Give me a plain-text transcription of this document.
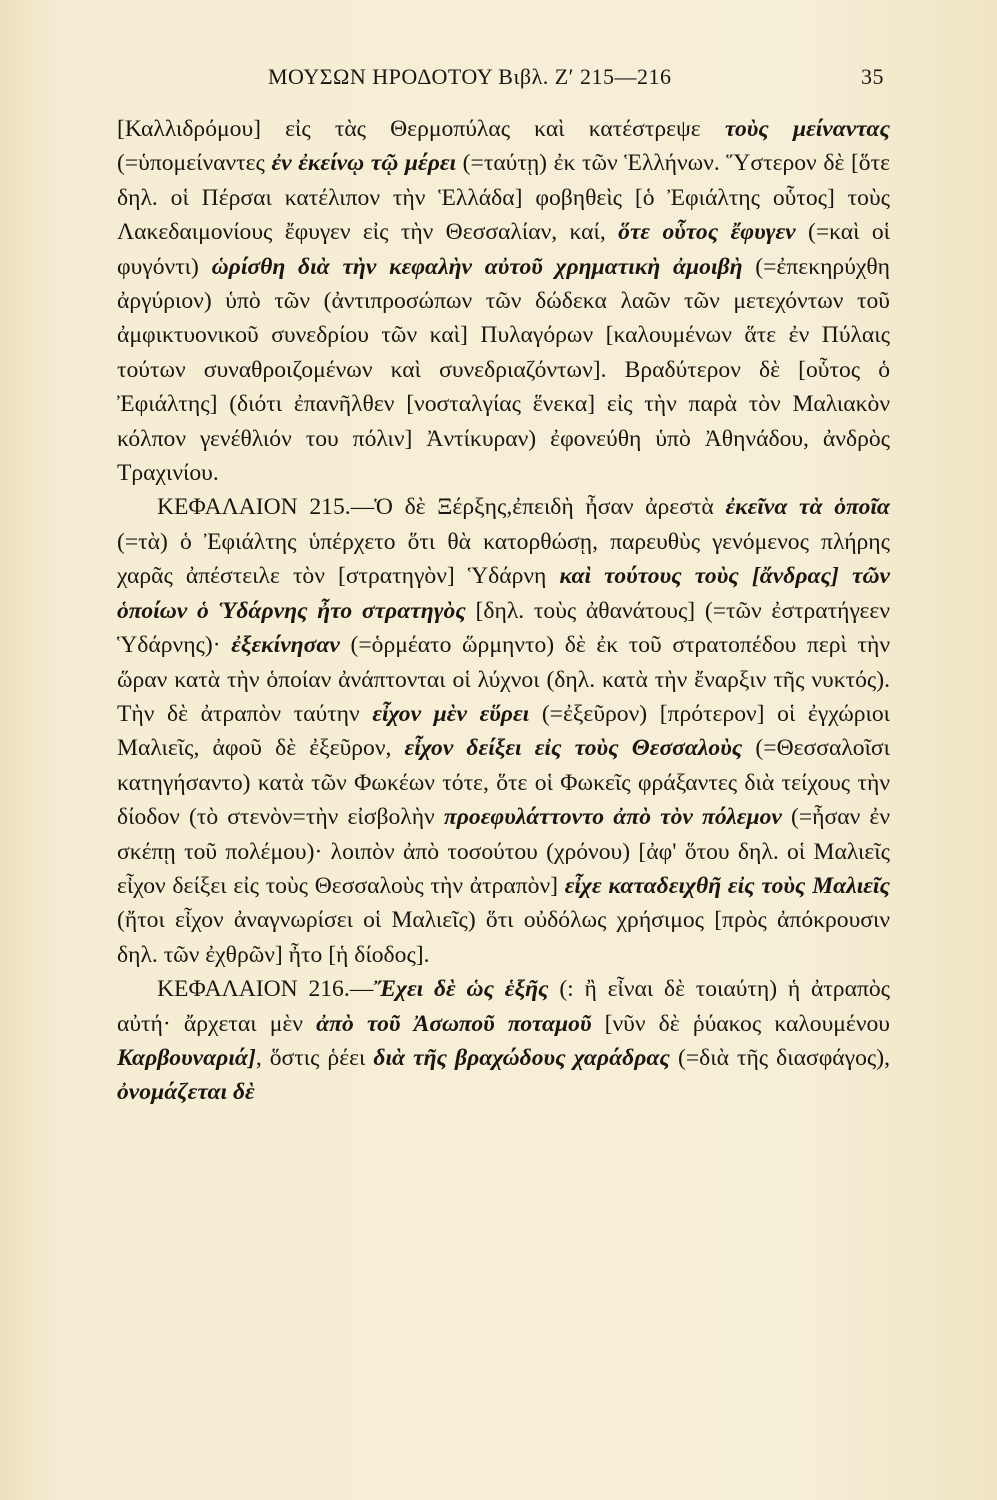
ΜΟΥΣΩΝ ΗΡΟΔΟΤΟΥ Βιβλ. Ζ′ 215—216	35

[Καλλιδρόμου] εἰς τὰς Θερμοπύλας καὶ κατέστρεψε τοὺς μείναντας (=ὑπομείναντες ἐν ἐκείνῳ τῷ μέρει (=ταύτῃ) ἐκ τῶν Ἑλλήνων. Ὕστερον δὲ [ὅτε δηλ. οἱ Πέρσαι κατέλιπον τὴν Ἑλλάδα] φοβηθεὶς [ὁ Ἐφιάλτης οὗτος] τοὺς Λακεδαιμονίους ἔφυγεν εἰς τὴν Θεσσαλίαν, καί, ὅτε οὗτος ἔφυγεν (=καὶ οἱ φυγόντι) ὡρίσθη διὰ τὴν κεφαλὴν αὐτοῦ χρηματικὴ ἀμοιβὴ (=ἐπεκηρύχθη ἀργύριον) ὑπὸ τῶν (ἀντιπροσώπων τῶν δώδεκα λαῶν τῶν μετεχόντων τοῦ ἀμφικτυονικοῦ συνεδρίου τῶν καὶ] Πυλαγόρων [καλουμένων ἅτε ἐν Πύλαις τούτων συναθροιζομένων καὶ συνεδριαζόντων]. Βραδύτερον δὲ [οὗτος ὁ Ἐφιάλτης] (διότι ἐπανῆλθεν [νοσταλγίας ἕνεκα] εἰς τὴν παρὰ τὸν Μαλιακὸν κόλπον γενέθλιόν του πόλιν] Ἀντίκυραν) ἐφονεύθη ὑπὸ Ἀθηνάδου, ἀνδρὸς Τραχινίου.

ΚΕΦΑΛΑΙΟΝ 215.—Ὁ δὲ Ξέρξης,ἐπειδὴ ἦσαν ἀρεστὰ ἐκεῖνα τὰ ὁποῖα (=τὰ) ὁ Ἐφιάλτης ὑπέρχετο ὅτι θὰ κατορθώσῃ, παρευθὺς γενόμενος πλήρης χαρᾶς ἀπέστειλε τὸν [στρατηγὸν] Ὑδάρνη καὶ τούτους τοὺς [ἄνδρας] τῶν ὁποίων ὁ Ὑδάρνης ἦτο στρατηγὸς [δηλ. τοὺς ἀθανάτους] (=τῶν ἐστρατήγεεν Ὑδάρνης)· ἐξεκίνησαν (=ὁρμέατο ὥρμηντο) δὲ ἐκ τοῦ στρατοπέδου περὶ τὴν ὥραν κατὰ τὴν ὁποίαν ἀνάπτονται οἱ λύχνοι (δηλ. κατὰ τὴν ἔναρξιν τῆς νυκτός). Τὴν δὲ ἀτραπὸν ταύτην εἶχον μὲν εὕρει (=ἐξεῦρον) [πρότερον] οἱ ἐγχώριοι Μαλιεῖς, ἀφοῦ δὲ ἐξεῦρον, εἶχον δείξει εἰς τοὺς Θεσσαλοὺς (=Θεσσαλοῖσι κατηγήσαντο) κατὰ τῶν Φωκέων τότε, ὅτε οἱ Φωκεῖς φράξαντες διὰ τείχους τὴν δίοδον (τὸ στενὸν=τὴν εἰσβολὴν προεφυλάττοντο ἀπὸ τὸν πόλεμον (=ἦσαν ἐν σκέπῃ τοῦ πολέμου)· λοιπὸν ἀπὸ τοσούτου (χρόνου) [ἀφ' ὅτου δηλ. οἱ Μαλιεῖς εἶχον δείξει εἰς τοὺς Θεσσαλοὺς τὴν ἀτραπὸν] εἶχε καταδειχθῆ εἰς τοὺς Μαλιεῖς (ἤτοι εἶχον ἀναγνωρίσει οἱ Μαλιεῖς) ὅτι οὐδόλως χρήσιμος [πρὸς ἀπόκρουσιν δηλ. τῶν ἐχθρῶν] ἦτο [ἡ δίοδος].

ΚΕΦΑΛΑΙΟΝ 216.—Ἔχει δὲ ὡς ἑξῆς (: ἢ εἶναι δὲ τοιαύτη) ἡ ἀτραπὸς αὐτή· ἄρχεται μὲν ἀπὸ τοῦ Ἀσωποῦ ποταμοῦ [νῦν δὲ ῥύακος καλουμένου Καρβουναριά], ὅστις ῥέει διὰ τῆς βραχώδους χαράδρας (=διὰ τῆς διασφάγος), ὀνομάζεται δὲ
